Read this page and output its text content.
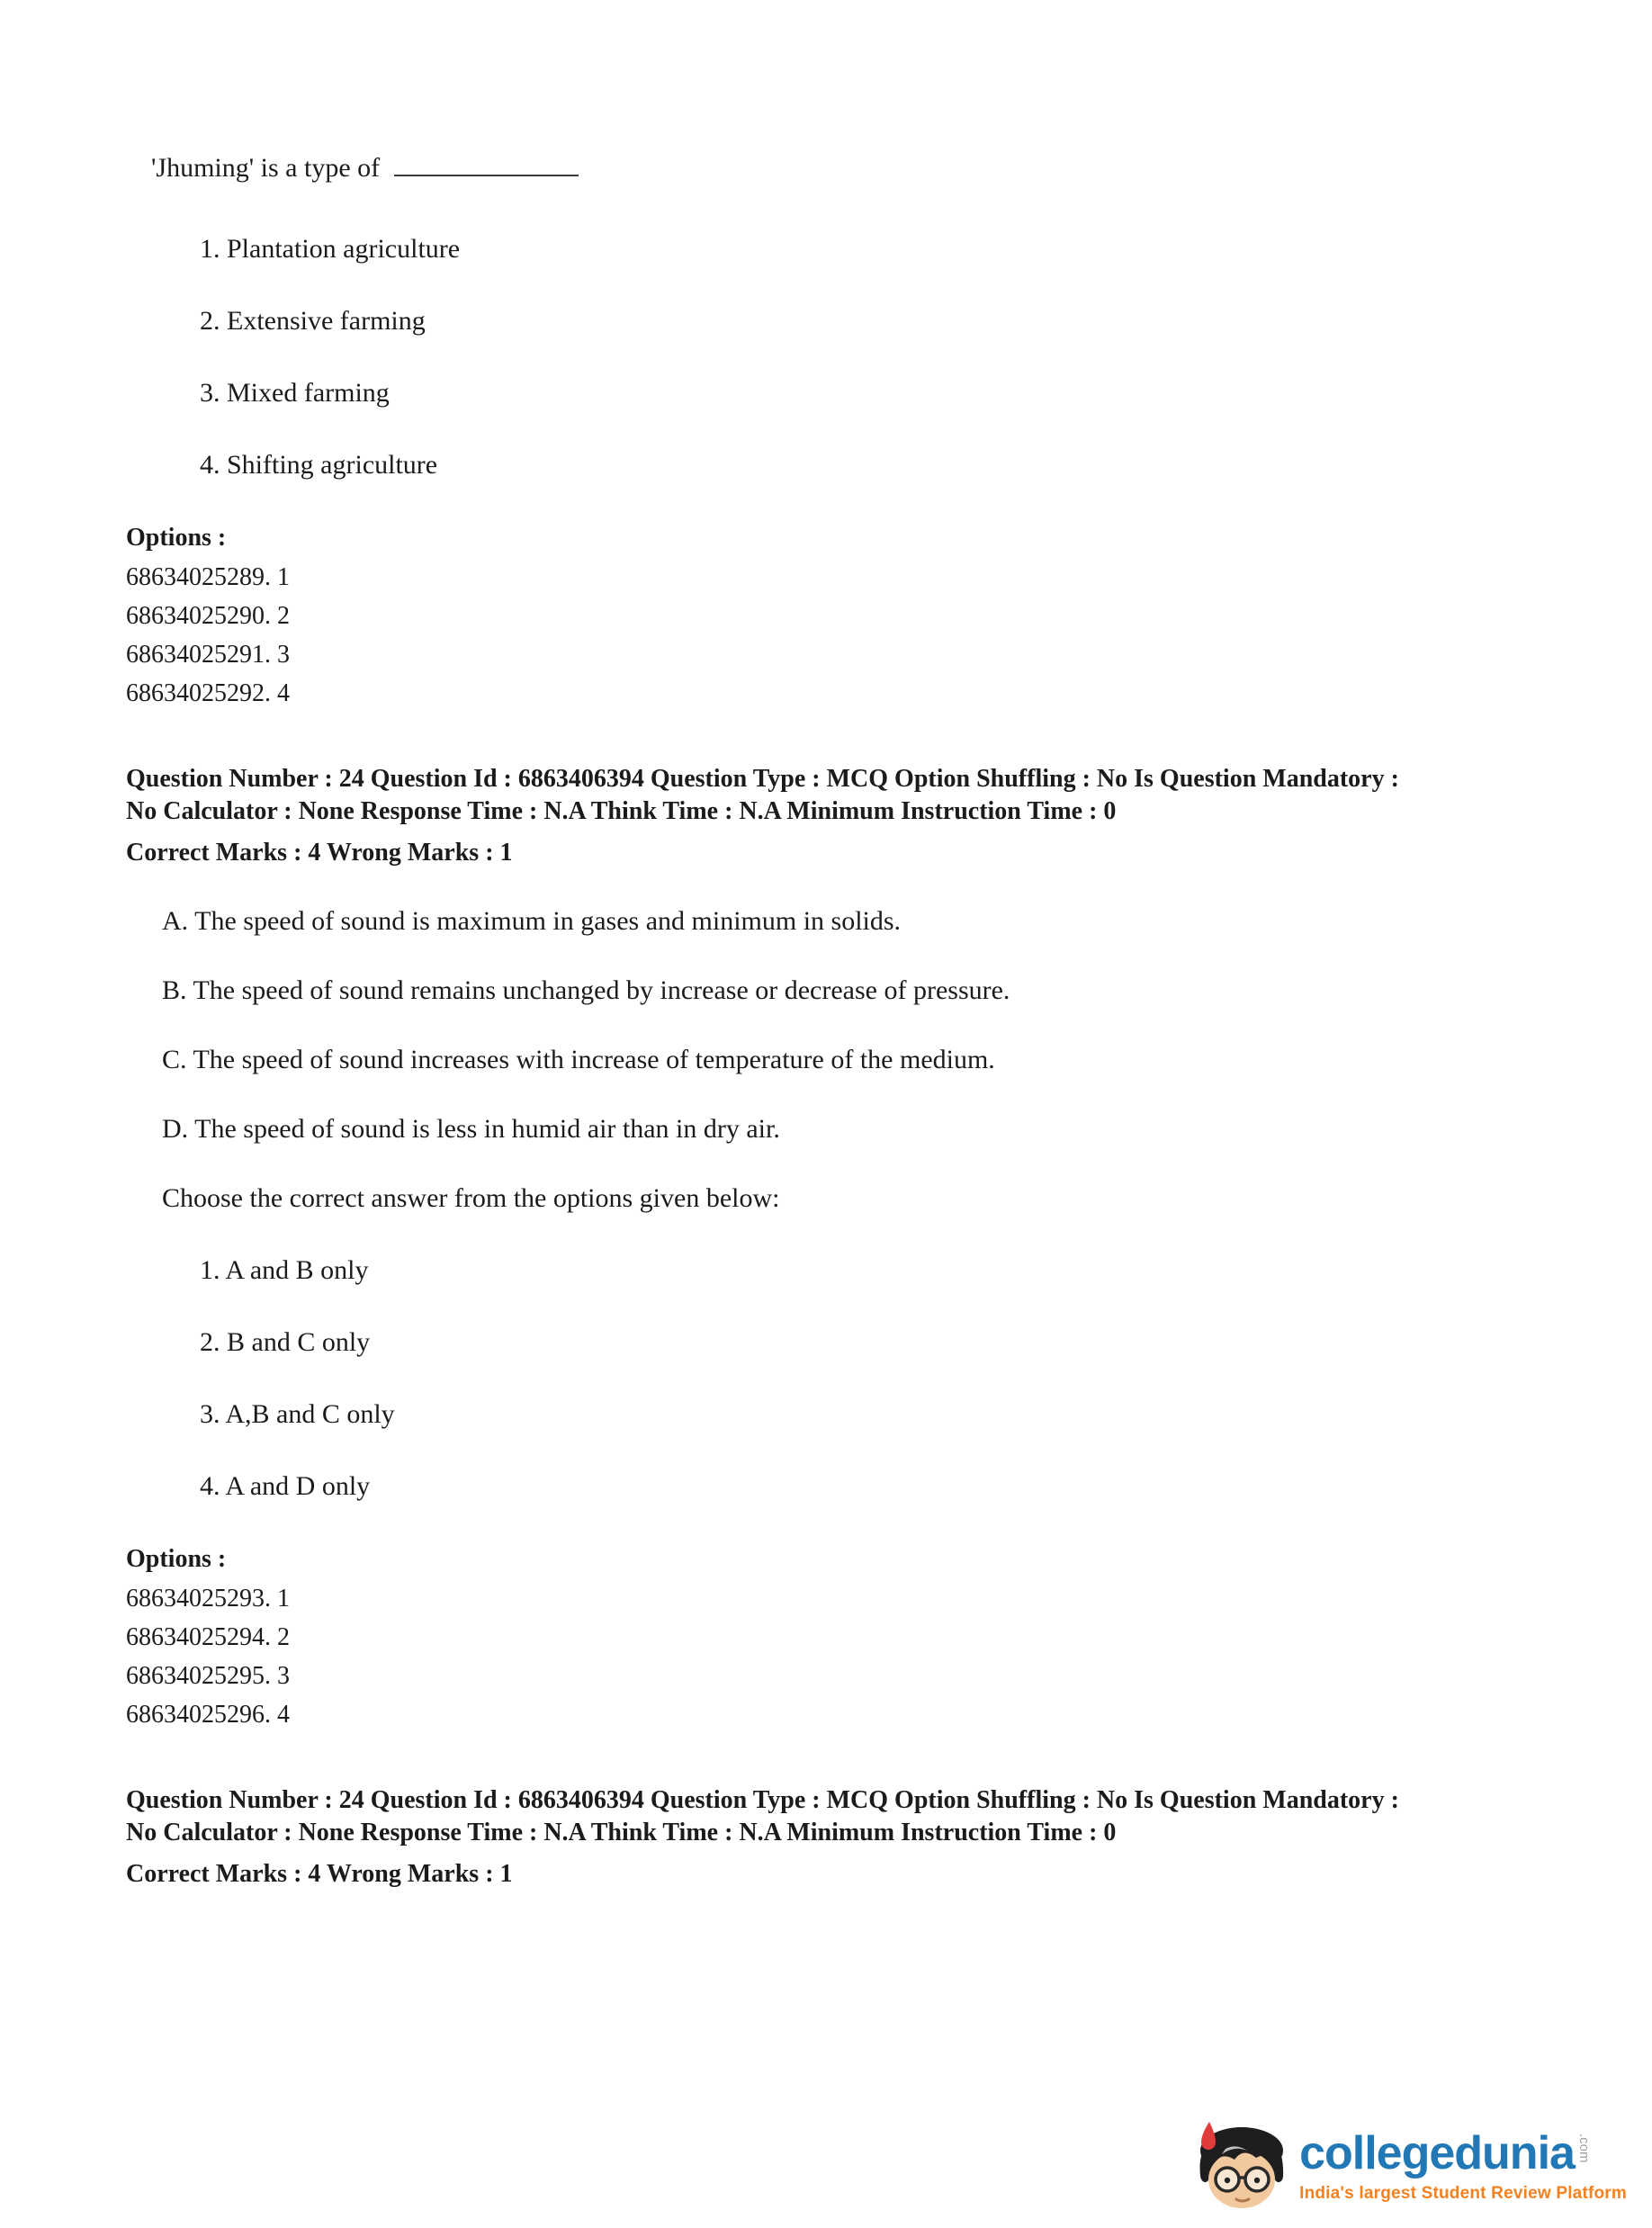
'Jhuming' is a type of

1. Plantation agriculture

2. Extensive farming

3. Mixed farming

4. Shifting agriculture

Options :

68634025289. 1

68634025290. 2

68634025291. 3

68634025292. 4

Question Number : 24 Question Id : 6863406394 Question Type : MCQ Option Shuffling : No Is Question Mandatory :
No Calculator : None Response Time : N.A Think Time : N.A Minimum Instruction Time : 0

Correct Marks : 4 Wrong Marks : 1

A. The speed of sound is maximum in gases and minimum in solids.

B. The speed of sound remains unchanged by increase or decrease of pressure.

C. The speed of sound increases with increase of temperature of the medium.

D. The speed of sound is less in humid air than in dry air.

Choose the correct answer from the options given below:

1. A and B only

2. B and C only

3. A,B and C only

4. A and D only

Options :

68634025293. 1

68634025294. 2

68634025295. 3

68634025296. 4

Question Number : 24 Question Id : 6863406394 Question Type : MCQ Option Shuffling : No Is Question Mandatory :
No Calculator : None Response Time : N.A Think Time : N.A Minimum Instruction Time : 0

Correct Marks : 4 Wrong Marks : 1

collegedunia .com
India's largest Student Review Platform
